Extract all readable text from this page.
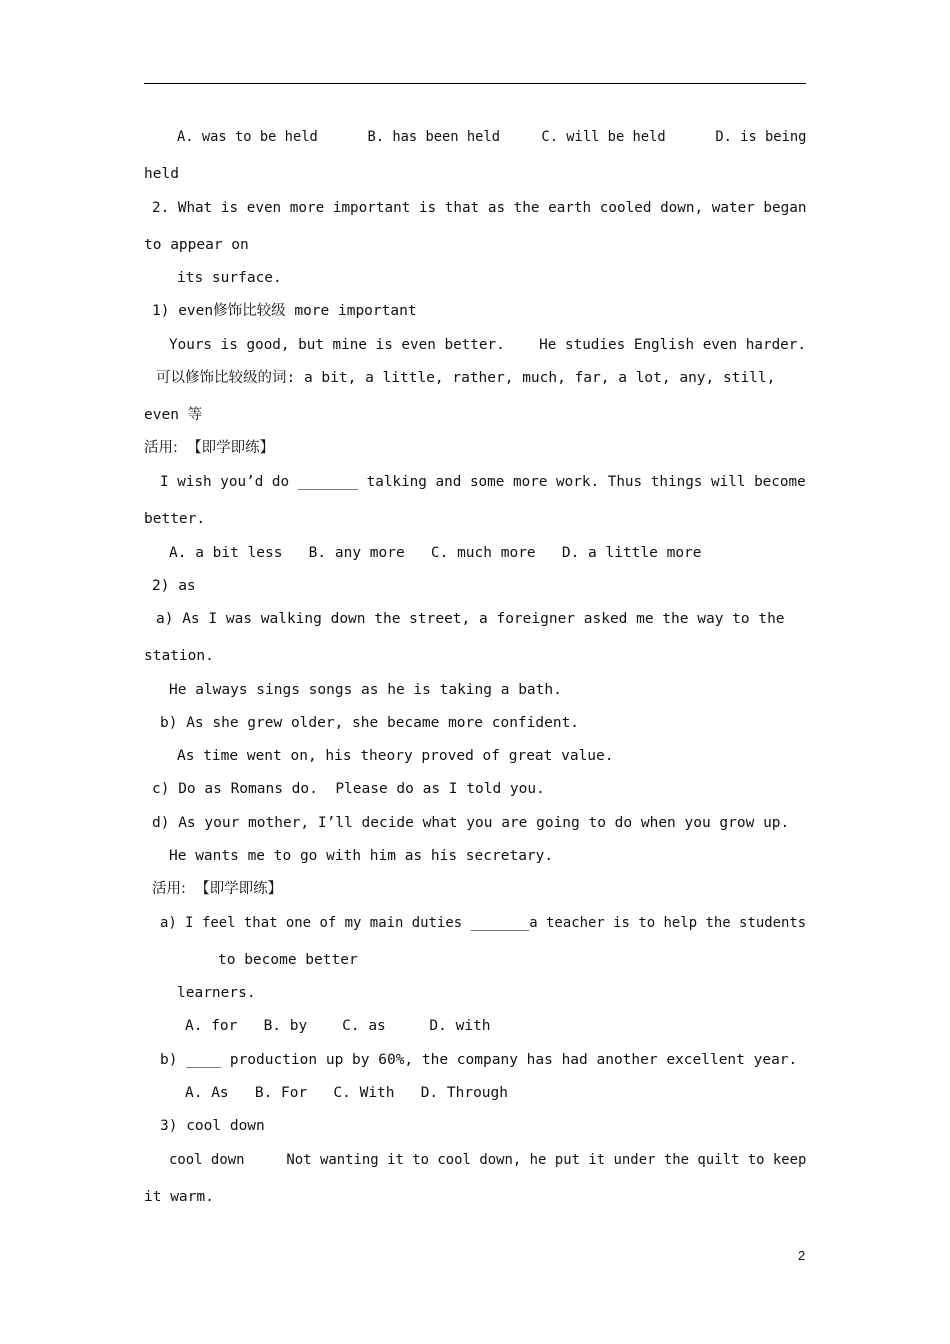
A. was to be held      B. has been held     C. will be held      D. is being
held
2. What is even more important is that as the earth cooled down, water began
to appear on
its surface.
1) even修饰比较级 more important
Yours is good, but mine is even better.    He studies English even harder.
可以修饰比较级的词: a bit, a little, rather, much, far, a lot, any, still,
even 等
活用:  【即学即练】
I wish you’d do _______ talking and some more work. Thus things will become
better.
A. a bit less   B. any more   C. much more   D. a little more
2) as
a) As I was walking down the street, a foreigner asked me the way to the
station.
He always sings songs as he is taking a bath.
b) As she grew older, she became more confident.
As time went on, his theory proved of great value.
c) Do as Romans do.  Please do as I told you.
d) As your mother, I’ll decide what you are going to do when you grow up.
He wants me to go with him as his secretary.
活用:  【即学即练】
a) I feel that one of my main duties _______a teacher is to help the students
to become better
learners.
A. for   B. by    C. as     D. with
b) ____ production up by 60%, the company has had another excellent year.
A. As   B. For   C. With   D. Through
3) cool down
cool down     Not wanting it to cool down, he put it under the quilt to keep
it warm.
2
